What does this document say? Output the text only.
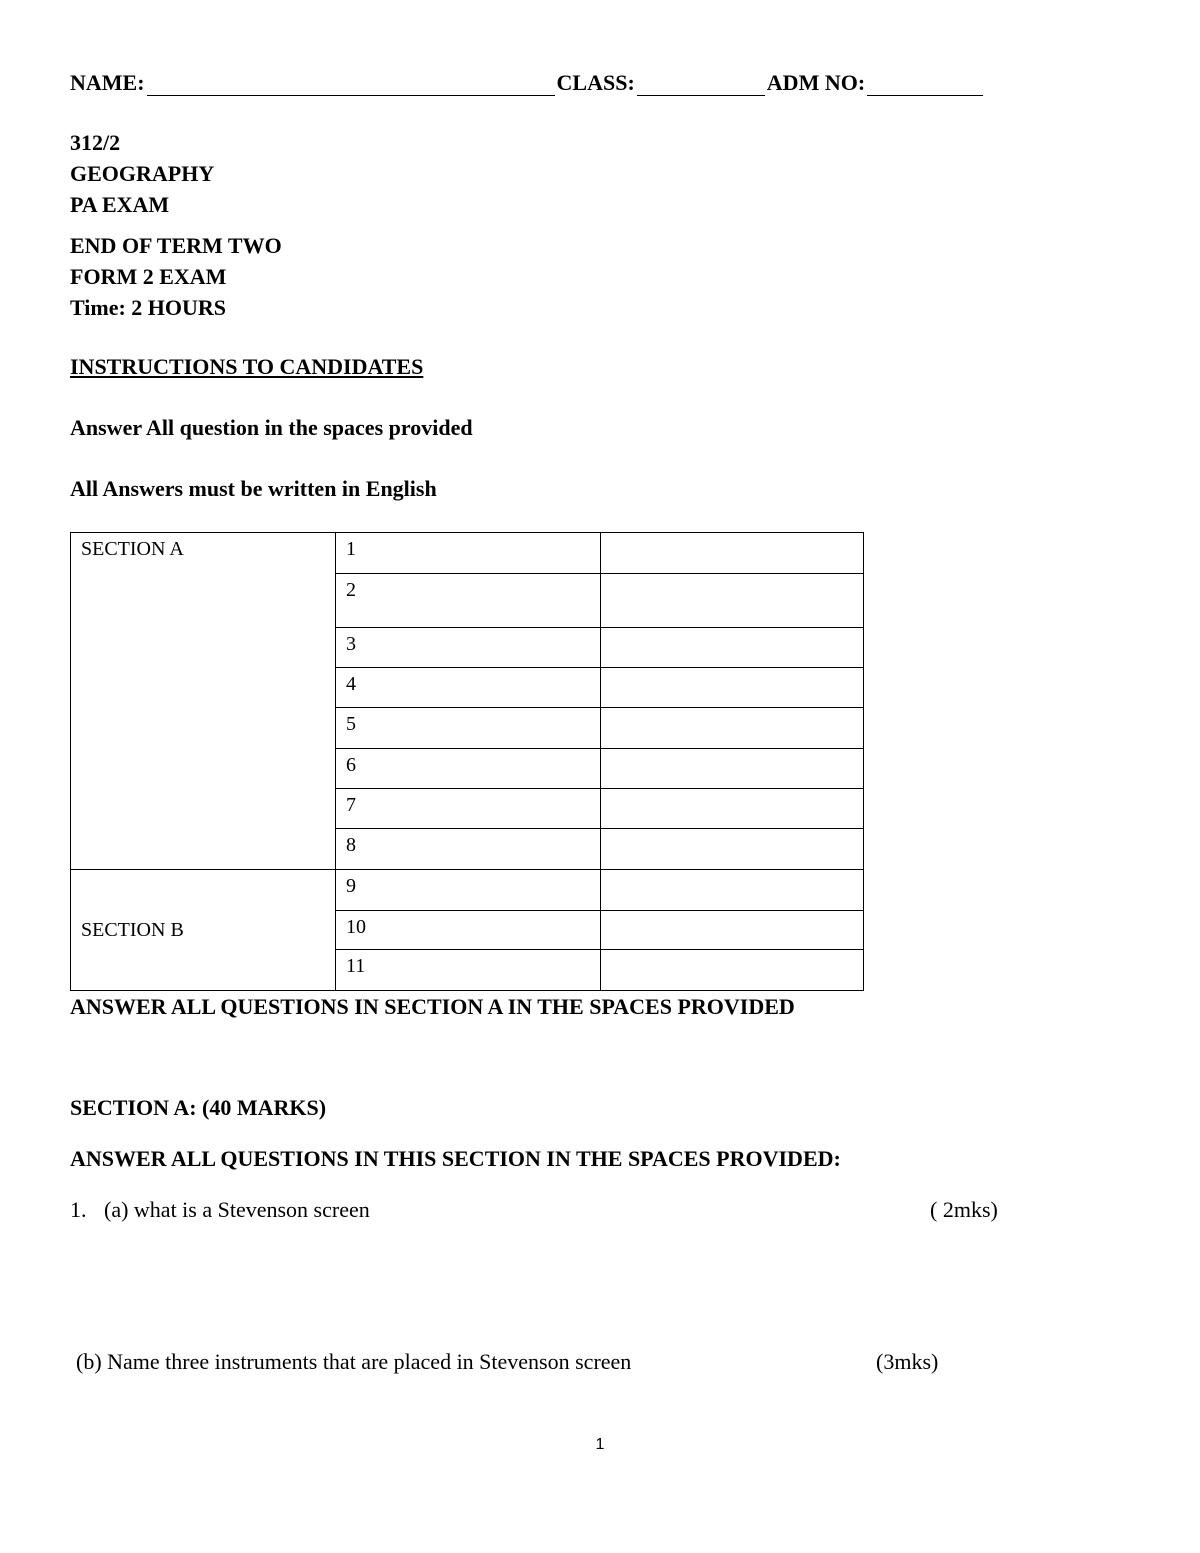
NAME:	CLASS:	ADM NO:
312/2
GEOGRAPHY
PA EXAM
END OF TERM TWO
FORM 2 EXAM
Time: 2 HOURS
INSTRUCTIONS TO CANDIDATES
Answer All question in the spaces provided
All Answers must be written in English
SECTION A	1	
	2	
	3	
	4	
	5	
	6	
	7	
	8	
SECTION B	9	
	10	
	11	
ANSWER ALL QUESTIONS IN SECTION A IN THE SPACES PROVIDED
SECTION A: (40 MARKS)
ANSWER ALL QUESTIONS IN THIS SECTION IN THE SPACES PROVIDED:
1. (a) what is a Stevenson screen	( 2mks)
(b) Name three instruments that are placed in Stevenson screen	(3mks)
1
